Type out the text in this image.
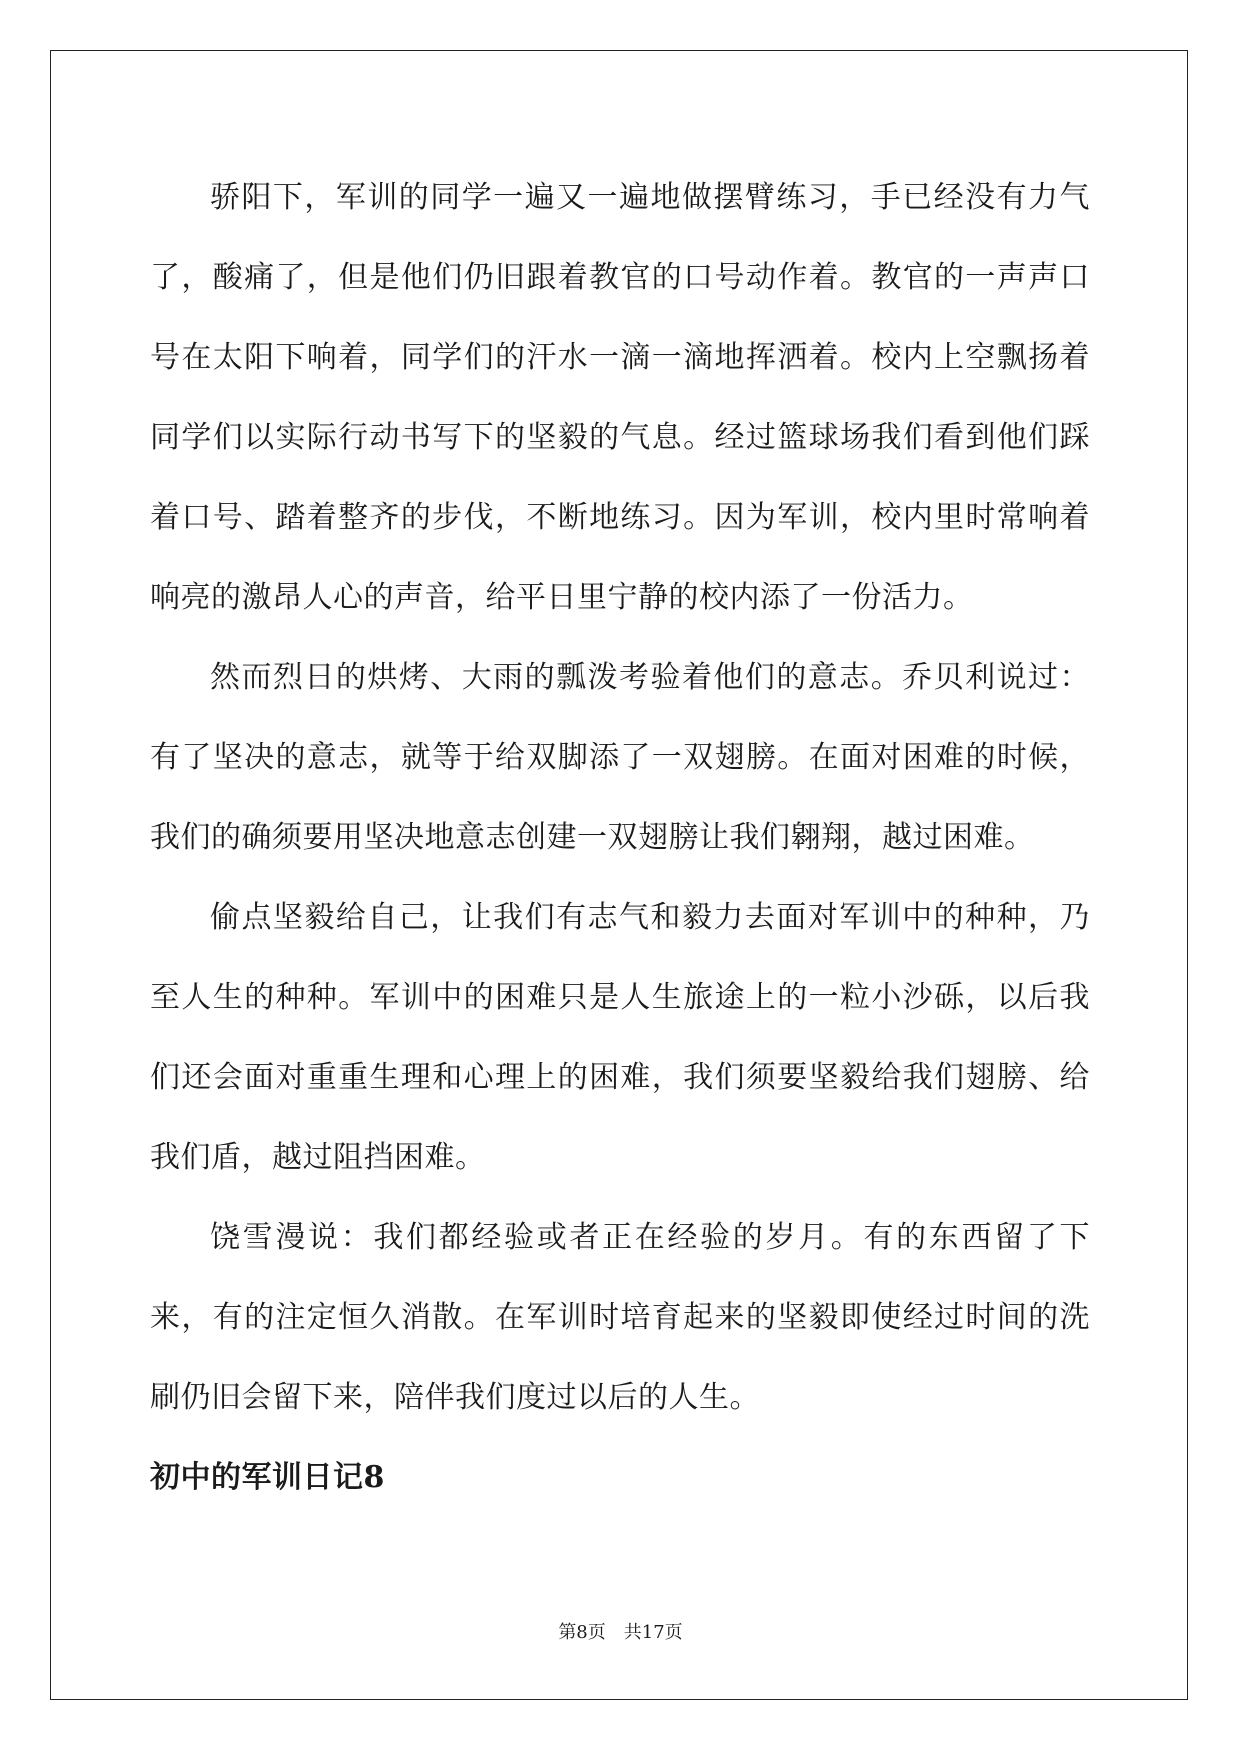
骄阳下，军训的同学一遍又一遍地做摆臂练习，手已经没有力气了，酸痛了，但是他们仍旧跟着教官的口号动作着。教官的一声声口号在太阳下响着，同学们的汗水一滴一滴地挥洒着。校内上空飘扬着同学们以实际行动书写下的坚毅的气息。经过篮球场我们看到他们踩着口号、踏着整齐的步伐，不断地练习。因为军训，校内里时常响着响亮的激昂人心的声音，给平日里宁静的校内添了一份活力。

然而烈日的烘烤、大雨的瓢泼考验着他们的意志。乔贝利说过：有了坚决的意志，就等于给双脚添了一双翅膀。在面对困难的时候，我们的确须要用坚决地意志创建一双翅膀让我们翱翔，越过困难。

偷点坚毅给自己，让我们有志气和毅力去面对军训中的种种，乃至人生的种种。军训中的困难只是人生旅途上的一粒小沙砾，以后我们还会面对重重生理和心理上的困难，我们须要坚毅给我们翅膀、给我们盾，越过阻挡困难。

饶雪漫说：我们都经验或者正在经验的岁月。有的东西留了下来，有的注定恒久消散。在军训时培育起来的坚毅即使经过时间的洗刷仍旧会留下来，陪伴我们度过以后的人生。

初中的军训日记8
第8页　共17页
